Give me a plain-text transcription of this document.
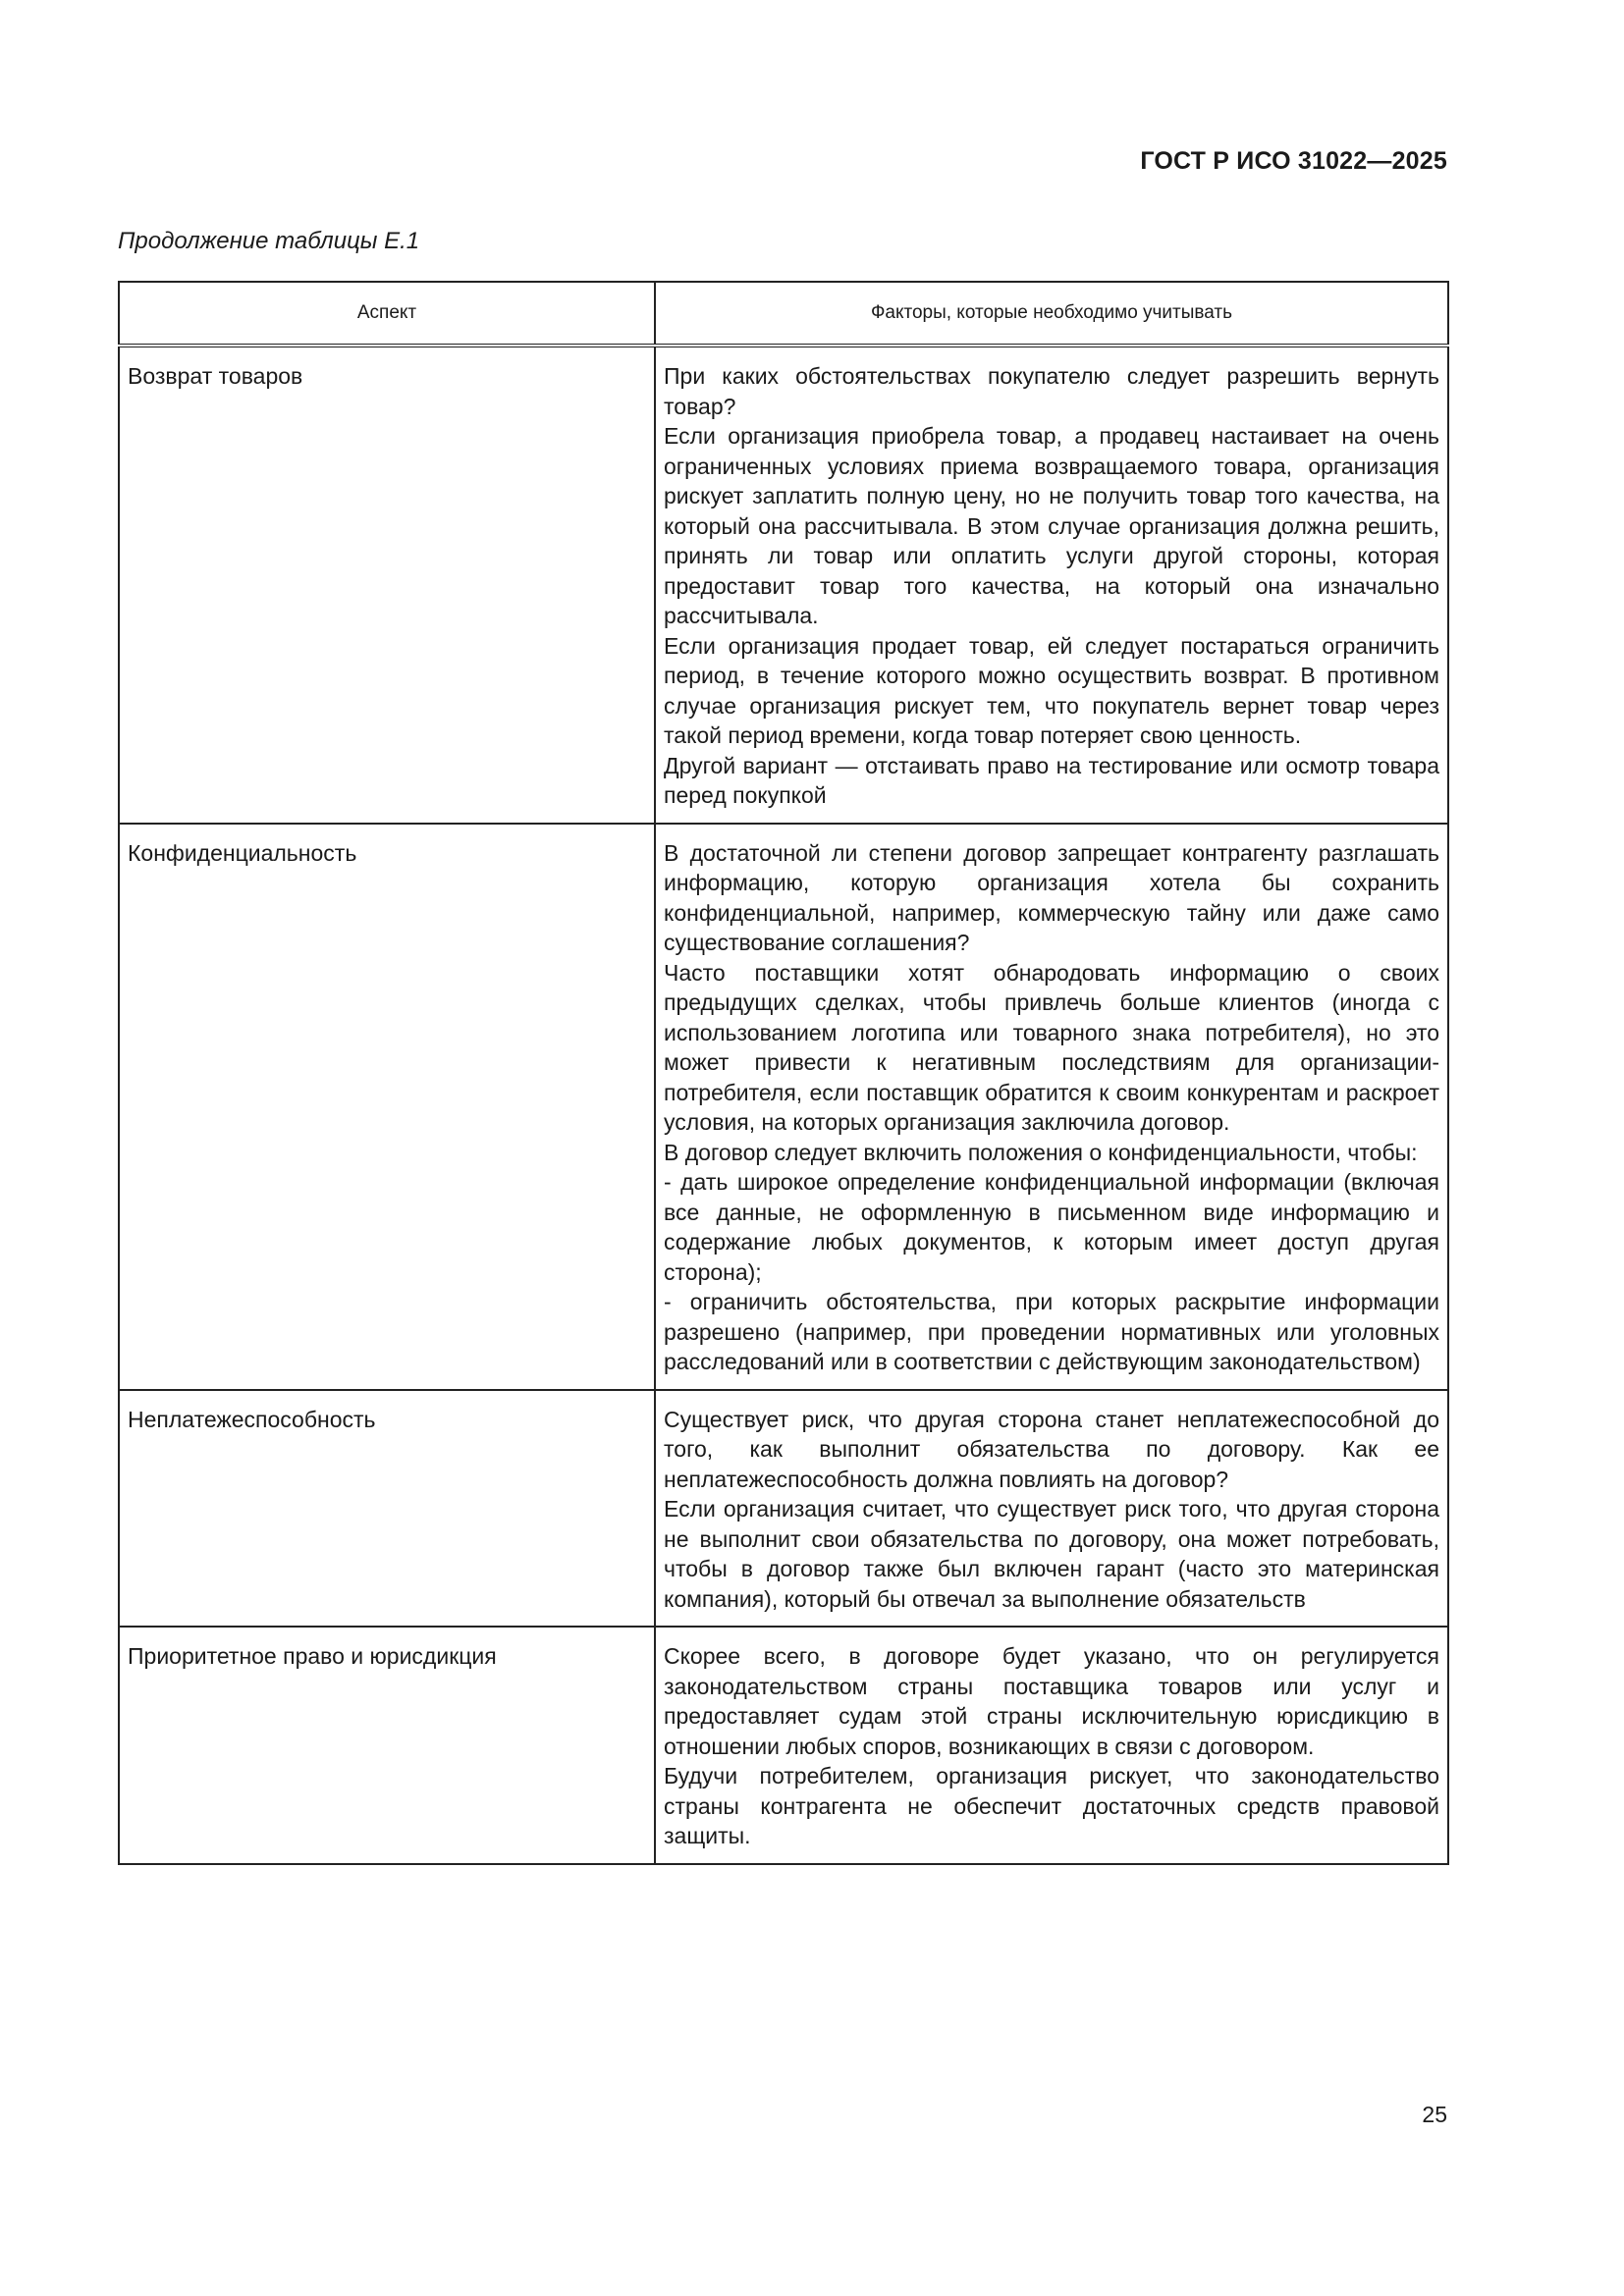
ГОСТ Р ИСО 31022—2025
Продолжение таблицы Е.1
Аспект	Факторы, которые необходимо учитывать
Возврат товаров	При каких обстоятельствах покупателю следует разрешить вернуть товар?

Если организация приобрела товар, а продавец настаивает на очень ограниченных условиях приема возвращаемого товара, организация рискует заплатить полную цену, но не получить товар того качества, на который она рассчитывала. В этом случае организация должна решить, принять ли товар или оплатить услуги другой стороны, которая предоставит товар того качества, на который она изначально рассчитывала.

Если организация продает товар, ей следует постараться ограничить период, в течение которого можно осуществить возврат. В противном случае организация рискует тем, что покупатель вернет товар через такой период времени, когда товар потеряет свою ценность.

Другой вариант — отстаивать право на тестирование или осмотр товара перед покупкой

Конфиденциальность	В достаточной ли степени договор запрещает контрагенту разглашать информацию, которую организация хотела бы сохранить конфиденциальной, например, коммерческую тайну или даже само существование соглашения?

Часто поставщики хотят обнародовать информацию о своих предыдущих сделках, чтобы привлечь больше клиентов (иногда с использованием логотипа или товарного знака потребителя), но это может привести к негативным последствиям для организации-потребителя, если поставщик обратится к своим конкурентам и раскроет условия, на которых организация заключила договор.

В договор следует включить положения о конфиденциальности, чтобы:

- дать широкое определение конфиденциальной информации (включая все данные, не оформленную в письменном виде информацию и содержание любых документов, к которым имеет доступ другая сторона);

- ограничить обстоятельства, при которых раскрытие информации разрешено (например, при проведении нормативных или уголовных расследований или в соответствии с действующим законодательством)

Неплатежеспособность	Существует риск, что другая сторона станет неплатежеспособной до того, как выполнит обязательства по договору. Как ее неплатежеспособность должна повлиять на договор?

Если организация считает, что существует риск того, что другая сторона не выполнит свои обязательства по договору, она может потребовать, чтобы в договор также был включен гарант (часто это материнская компания), который бы отвечал за выполнение обязательств

Приоритетное право и юрисдикция	Скорее всего, в договоре будет указано, что он регулируется законодательством страны поставщика товаров или услуг и предоставляет судам этой страны исключительную юрисдикцию в отношении любых споров, возникающих в связи с договором.

Будучи потребителем, организация рискует, что законодательство страны контрагента не обеспечит достаточных средств правовой защиты.

25
